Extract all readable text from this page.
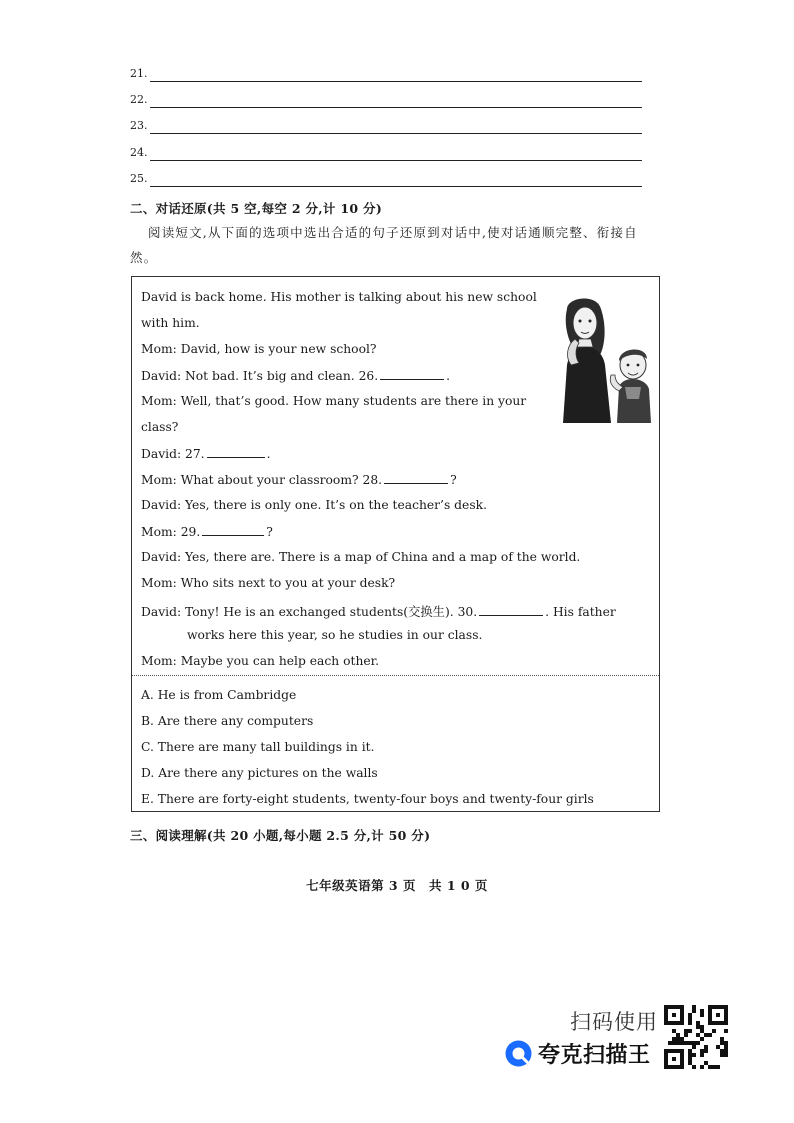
21.
22.
23.
24.
25.
二、对话还原(共 5 空,每空 2 分,计 10 分)
阅读短文,从下面的选项中选出合适的句子还原到对话中,使对话通顺完整、衔接自然。
David is back home. His mother is talking about his new school
with him.
Mom: David, how is your new school?
David: Not bad. It’s big and clean. 26.	.
Mom: Well, that’s good. How many students are there in your
class?
David: 27.	.
Mom: What about your classroom? 28.	?
David: Yes, there is only one. It’s on the teacher’s desk.
Mom: 29.	?
David: Yes, there are. There is a map of China and a map of the world.
Mom: Who sits next to you at your desk?
David: Tony! He is an exchanged students(交换生). 30.	. His father
works here this year, so he studies in our class.
Mom: Maybe you can help each other.
A. He is from Cambridge
B. Are there any computers
C. There are many tall buildings in it.
D. Are there any pictures on the walls
E. There are forty-eight students, twenty-four boys and twenty-four girls
三、阅读理解(共 20 小题,每小题 2.5 分,计 50 分)
七年级英语第 3 页　共 1 0 页
扫码使用
夸克扫描王
